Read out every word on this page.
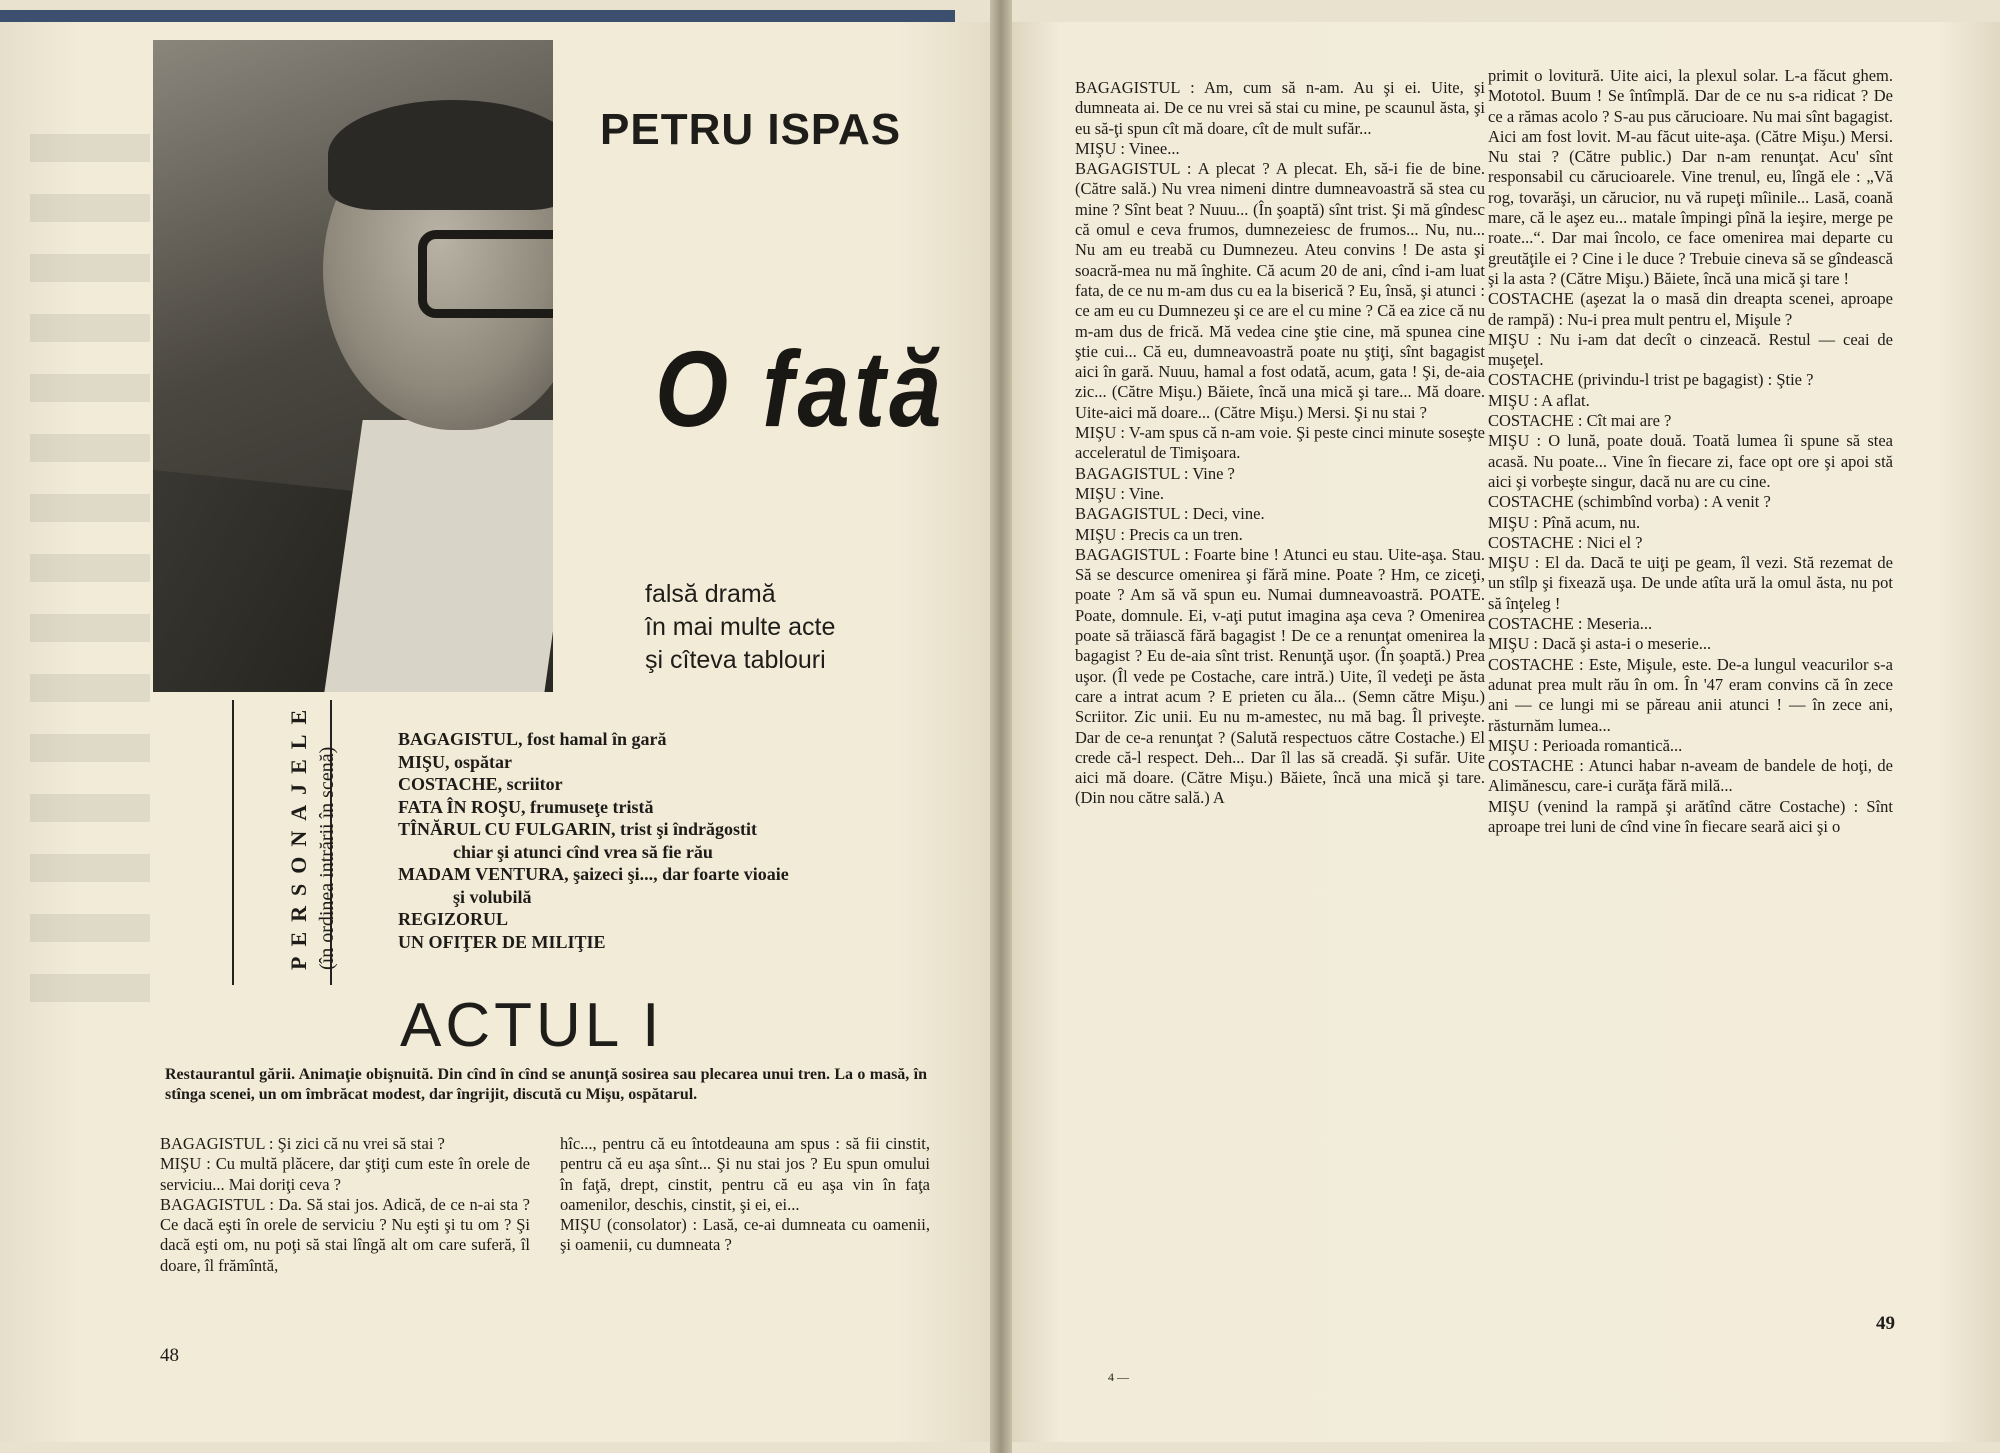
PETRU ISPAS
O fată
falsă dramă
în mai multe acte
şi cîteva tablouri
PERSONAJELE (în ordinea intrării în scenă)
BAGAGISTUL, fost hamal în gară
MIŞU, ospătar
COSTACHE, scriitor
FATA ÎN ROŞU, frumuseţe tristă
TÎNĂRUL CU FULGARIN, trist şi îndrăgostit
chiar şi atunci cînd vrea să fie rău
MADAM VENTURA, şaizeci şi..., dar foarte vioaie
şi volubilă
REGIZORUL
UN OFIŢER DE MILIŢIE
ACTUL I
Restaurantul gării. Animaţie obişnuită. Din cînd în cînd se anunţă sosirea sau plecarea unui tren. La o masă, în stînga scenei, un om îmbrăcat modest, dar îngrijit, discută cu Mişu, ospătarul.

BAGAGISTUL : Şi zici că nu vrei să stai ?

MIŞU : Cu multă plăcere, dar ştiţi cum este în orele de serviciu... Mai doriţi ceva ?

BAGAGISTUL : Da. Să stai jos. Adică, de ce n-ai sta ? Ce dacă eşti în orele de serviciu ? Nu eşti şi tu om ? Şi dacă eşti om, nu poţi să stai lîngă alt om care suferă, îl doare, îl frămîntă,

hîc..., pentru că eu întotdeauna am spus : să fii cinstit, pentru că eu aşa sînt... Şi nu stai jos ? Eu spun omului în faţă, drept, cinstit, pentru că eu aşa vin în faţa oamenilor, deschis, cinstit, şi ei, ei...

MIŞU (consolator) : Lasă, ce-ai dumneata cu oamenii, şi oamenii, cu dumneata ?

48

BAGAGISTUL : Am, cum să n-am. Au şi ei. Uite, şi dumneata ai. De ce nu vrei să stai cu mine, pe scaunul ăsta, şi eu să-ţi spun cît mă doare, cît de mult sufăr...

MIŞU : Vinee...

BAGAGISTUL : A plecat ? A plecat. Eh, să-i fie de bine. (Către sală.) Nu vrea nimeni dintre dumneavoastră să stea cu mine ? Sînt beat ? Nuuu... (În şoaptă) sînt trist. Şi mă gîndesc că omul e ceva frumos, dumnezeiesc de frumos... Nu, nu... Nu am eu treabă cu Dumnezeu. Ateu convins ! De asta şi soacră-mea nu mă înghite. Că acum 20 de ani, cînd i-am luat fata, de ce nu m-am dus cu ea la biserică ? Eu, însă, şi atunci : ce am eu cu Dumnezeu şi ce are el cu mine ? Că ea zice că nu m-am dus de frică. Mă vedea cine ştie cine, mă spunea cine ştie cui... Că eu, dumneavoastră poate nu ştiţi, sînt bagagist aici în gară. Nuuu, hamal a fost odată, acum, gata ! Şi, de-aia zic... (Către Mişu.) Băiete, încă una mică şi tare... Mă doare. Uite-aici mă doare... (Către Mişu.) Mersi. Şi nu stai ?

MIŞU : V-am spus că n-am voie. Şi peste cinci minute soseşte acceleratul de Timişoara.

BAGAGISTUL : Vine ?

MIŞU : Vine.

BAGAGISTUL : Deci, vine.

MIŞU : Precis ca un tren.

BAGAGISTUL : Foarte bine ! Atunci eu stau. Uite-aşa. Stau. Să se descurce omenirea şi fără mine. Poate ? Hm, ce ziceţi, poate ? Am să vă spun eu. Numai dumneavoastră. POATE. Poate, domnule. Ei, v-aţi putut imagina aşa ceva ? Omenirea poate să trăiască fără bagagist ! De ce a renunţat omenirea la bagagist ? Eu de-aia sînt trist. Renunţă uşor. (În şoaptă.) Prea uşor. (Îl vede pe Costache, care intră.) Uite, îl vedeţi pe ăsta care a intrat acum ? E prieten cu ăla... (Semn către Mişu.) Scriitor. Zic unii. Eu nu m-amestec, nu mă bag. Îl priveşte. Dar de ce-a renunţat ? (Salută respectuos către Costache.) El crede că-l respect. Deh... Dar îl las să creadă. Şi sufăr. Uite aici mă doare. (Către Mişu.) Băiete, încă una mică şi tare. (Din nou către sală.) A

primit o lovitură. Uite aici, la plexul solar. L-a făcut ghem. Mototol. Buum ! Se întîmplă. Dar de ce nu s-a ridicat ? De ce a rămas acolo ? S-au pus cărucioare. Nu mai sînt bagagist. Aici am fost lovit. M-au făcut uite-aşa. (Către Mişu.) Mersi. Nu stai ? (Către public.) Dar n-am renunţat. Acu' sînt responsabil cu cărucioarele. Vine trenul, eu, lîngă ele : „Vă rog, tovarăşi, un cărucior, nu vă rupeţi mîinile... Lasă, coană mare, că le aşez eu... matale împingi pînă la ieşire, merge pe roate...“. Dar mai încolo, ce face omenirea mai departe cu greutăţile ei ? Cine i le duce ? Trebuie cineva să se gîndească şi la asta ? (Către Mişu.) Băiete, încă una mică şi tare !

COSTACHE (aşezat la o masă din dreapta scenei, aproape de rampă) : Nu-i prea mult pentru el, Mişule ?

MIŞU : Nu i-am dat decît o cinzeacă. Restul — ceai de muşeţel.

COSTACHE (privindu-l trist pe bagagist) : Ştie ?

MIŞU : A aflat.

COSTACHE : Cît mai are ?

MIŞU : O lună, poate două. Toată lumea îi spune să stea acasă. Nu poate... Vine în fiecare zi, face opt ore şi apoi stă aici şi vorbeşte singur, dacă nu are cu cine.

COSTACHE (schimbînd vorba) : A venit ?

MIŞU : Pînă acum, nu.

COSTACHE : Nici el ?

MIŞU : El da. Dacă te uiţi pe geam, îl vezi. Stă rezemat de un stîlp şi fixează uşa. De unde atîta ură la omul ăsta, nu pot să înţeleg !

COSTACHE : Meseria...

MIŞU : Dacă şi asta-i o meserie...

COSTACHE : Este, Mişule, este. De-a lungul veacurilor s-a adunat prea mult rău în om. În '47 eram convins că în zece ani — ce lungi mi se păreau anii atunci ! — în zece ani, răsturnăm lumea...

MIŞU : Perioada romantică...

COSTACHE : Atunci habar n-aveam de bandele de hoţi, de Alimănescu, care-i curăţa fără milă...

MIŞU (venind la rampă şi arătînd către Costache) : Sînt aproape trei luni de cînd vine în fiecare seară aici şi o

49
4 —
